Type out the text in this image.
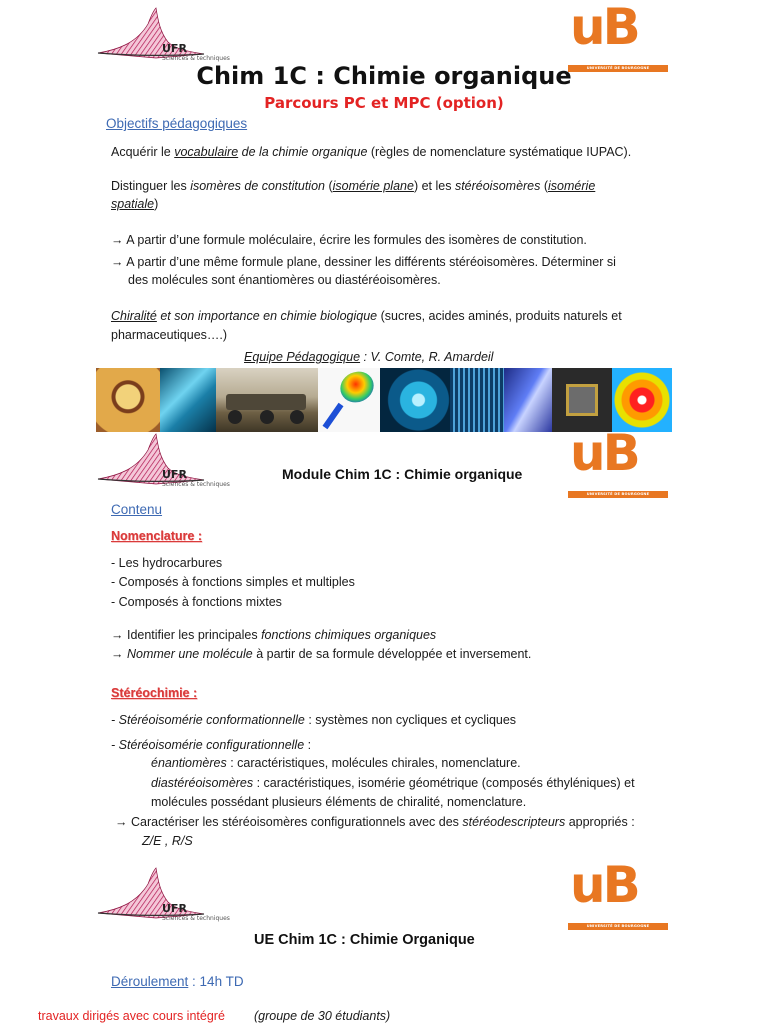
UFR
Sciences & techniques
uB
UNIVERSITÉ DE BOURGOGNE
Chim 1C : Chimie organique
Parcours PC et MPC (option)
Objectifs pédagogiques
Acquérir le vocabulaire de la chimie organique (règles de nomenclature systématique IUPAC).
Distinguer les isomères de constitution (isomérie plane) et les stéréoisomères (isomérie
spatiale)
→ A partir d’une formule moléculaire, écrire les formules des isomères de constitution.
→ A partir d’une même formule plane, dessiner les différents stéréoisomères. Déterminer si
des molécules sont énantiomères ou diastéréoisomères.
Chiralité et son importance en chimie biologique (sucres, acides aminés, produits naturels et
pharmaceutiques….)
Equipe Pédagogique : V. Comte, R. Amardeil
UFR
Sciences & techniques
Module Chim 1C : Chimie organique uB
UNIVERSITÉ DE BOURGOGNE
Contenu
Nomenclature :
- Les hydrocarbures
- Composés à fonctions simples et multiples
- Composés à fonctions mixtes
→ Identifier les principales fonctions chimiques organiques
→ Nommer une molécule à partir de sa formule développée et inversement.
Stéréochimie :
- Stéréoisomérie conformationnelle : systèmes non cycliques et cycliques
- Stéréoisomérie configurationnelle :
énantiomères : caractéristiques, molécules chirales, nomenclature.
diastéréoisomères : caractéristiques, isomérie géométrique (composés éthyléniques) et
molécules possédant plusieurs éléments de chiralité, nomenclature.
→ Caractériser les stéréoisomères configurationnels avec des stéréodescripteurs appropriés :
Z/E , R/S
UFR
Sciences & techniques
uB
UNIVERSITÉ DE BOURGOGNE
UE Chim 1C : Chimie Organique
Déroulement : 14h TD
travaux dirigés avec cours intégré (groupe de 30 étudiants)
